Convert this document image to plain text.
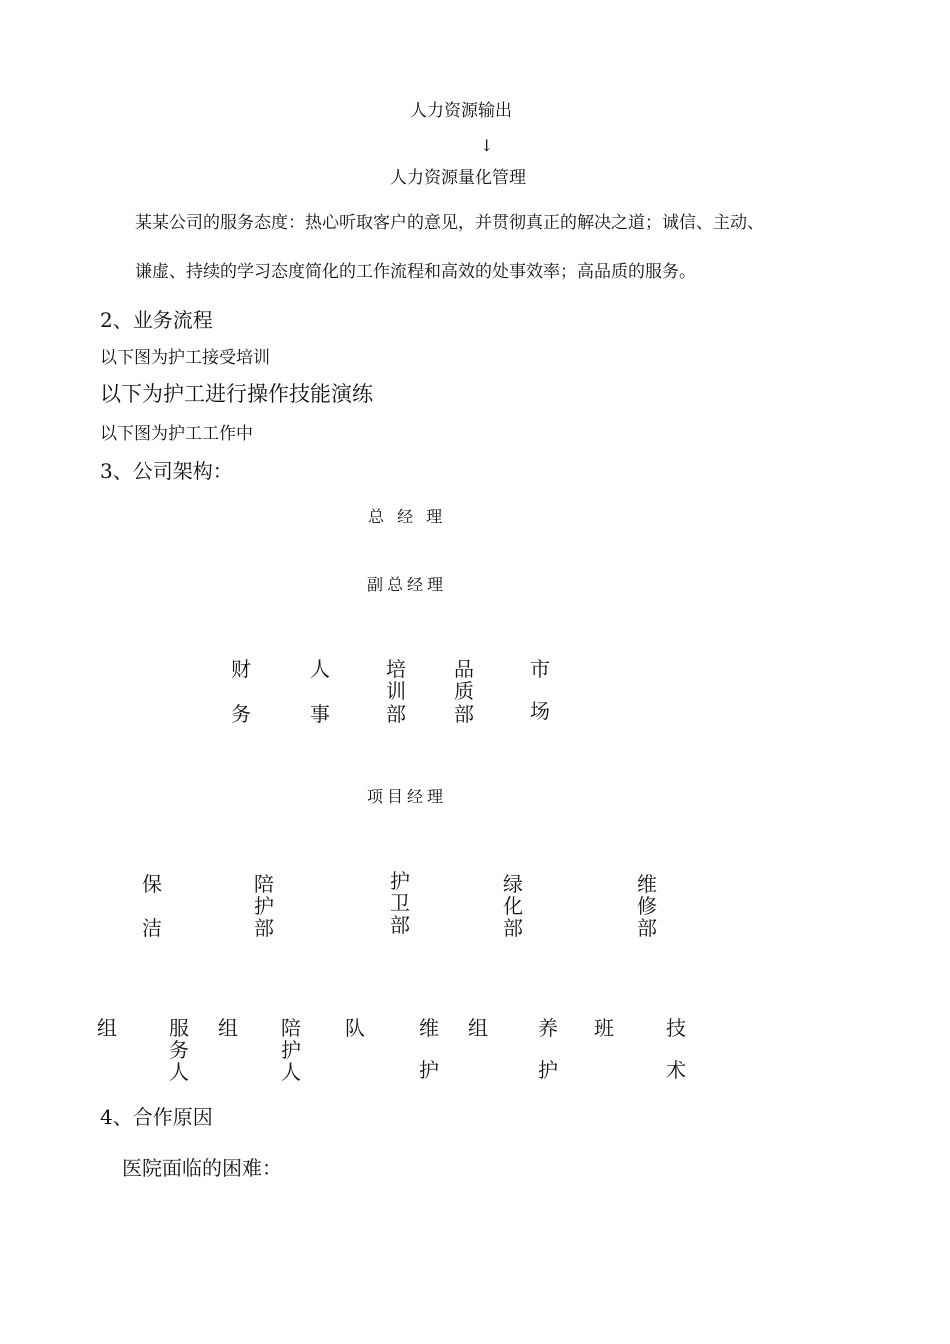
人力资源输出
↓
人力资源量化管理
某某公司的服务态度：热心听取客户的意见，并贯彻真正的解决之道；诚信、主动、
谦虚、持续的学习态度简化的工作流程和高效的处事效率；高品质的服务。
2、业务流程
以下图为护工接受培训
以下为护工进行操作技能演练
以下图为护工工作中
3、公司架构：
总 经 理
副总经理
财
务
人
事
培
训
部
品
质
部
市
场
项目经理
保
洁
陪
护
部
护
卫
部
绿
化
部
维
修
部
组	服
务
人
组 陪
护
人
队	维
护
组	养
护
班	技
术
4、合作原因
医院面临的困难：
